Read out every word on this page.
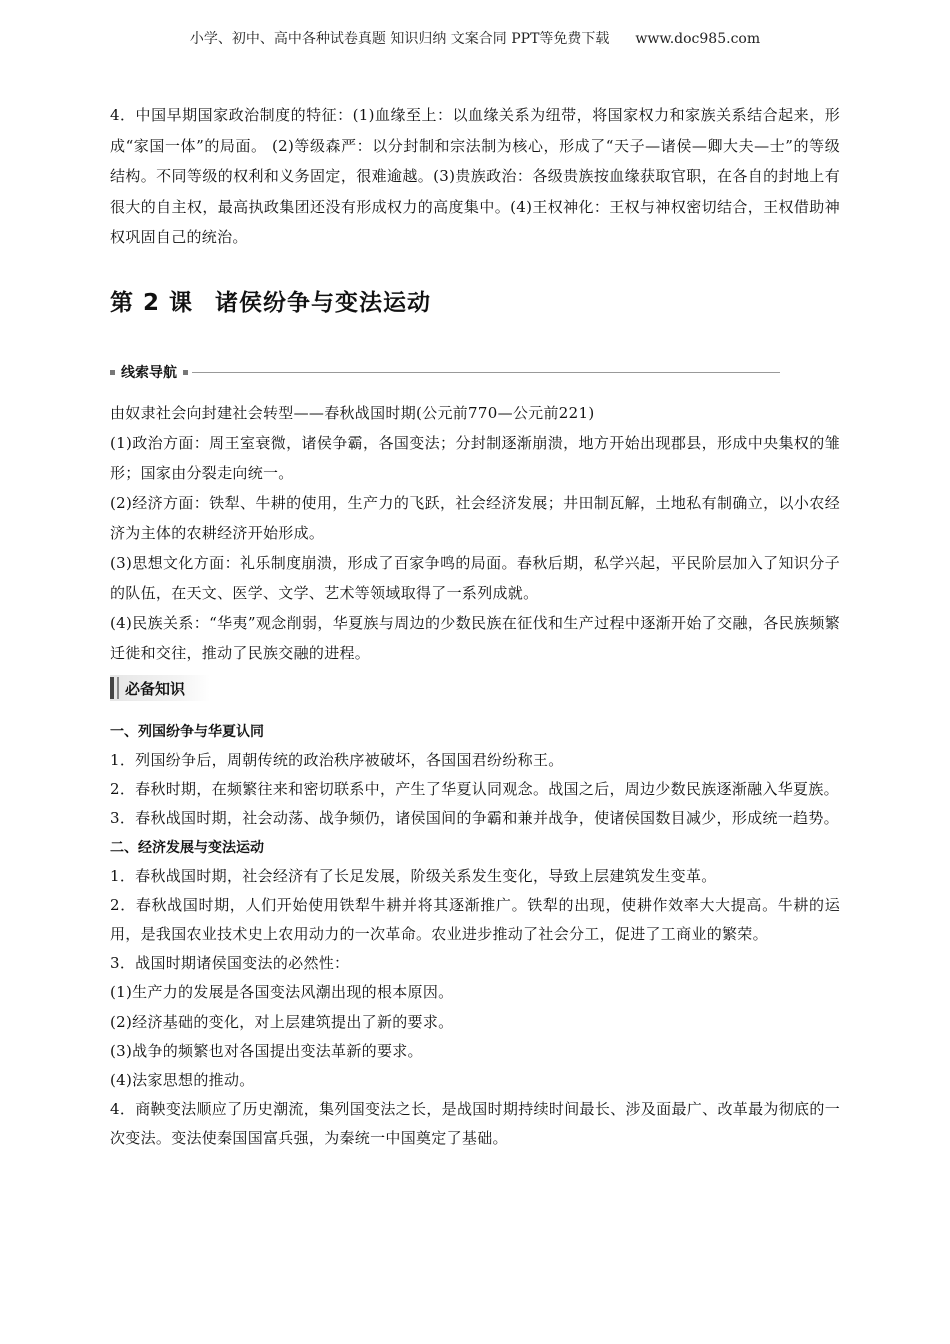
小学、初中、高中各种试卷真题 知识归纳 文案合同 PPT等免费下载 www.doc985.com

4．中国早期国家政治制度的特征：(1)血缘至上：以血缘关系为纽带，将国家权力和家族关系结合起来，形成“家国一体”的局面。 (2)等级森严：以分封制和宗法制为核心，形成了“天子—诸侯—卿大夫—士”的等级结构。不同等级的权利和义务固定，很难逾越。(3)贵族政治：各级贵族按血缘获取官职，在各自的封地上有很大的自主权，最高执政集团还没有形成权力的高度集中。(4)王权神化：王权与神权密切结合，王权借助神权巩固自己的统治。

第 2 课 诸侯纷争与变法运动
线索导航

由奴隶社会向封建社会转型——春秋战国时期(公元前770—公元前221)

(1)政治方面：周王室衰微，诸侯争霸，各国变法；分封制逐渐崩溃，地方开始出现郡县，形成中央集权的雏形；国家由分裂走向统一。

(2)经济方面：铁犁、牛耕的使用，生产力的飞跃，社会经济发展；井田制瓦解，土地私有制确立，以小农经济为主体的农耕经济开始形成。

(3)思想文化方面：礼乐制度崩溃，形成了百家争鸣的局面。春秋后期，私学兴起，平民阶层加入了知识分子的队伍，在天文、医学、文学、艺术等领域取得了一系列成就。

(4)民族关系：“华夷”观念削弱，华夏族与周边的少数民族在征伐和生产过程中逐渐开始了交融，各民族频繁迁徙和交往，推动了民族交融的进程。

必备知识

一、列国纷争与华夏认同

1．列国纷争后，周朝传统的政治秩序被破坏，各国国君纷纷称王。

2．春秋时期，在频繁往来和密切联系中，产生了华夏认同观念。战国之后，周边少数民族逐渐融入华夏族。

3．春秋战国时期，社会动荡、战争频仍，诸侯国间的争霸和兼并战争，使诸侯国数目减少，形成统一趋势。

二、经济发展与变法运动

1．春秋战国时期，社会经济有了长足发展，阶级关系发生变化，导致上层建筑发生变革。

2．春秋战国时期，人们开始使用铁犁牛耕并将其逐渐推广。铁犁的出现，使耕作效率大大提高。牛耕的运用，是我国农业技术史上农用动力的一次革命。农业进步推动了社会分工，促进了工商业的繁荣。

3．战国时期诸侯国变法的必然性：

(1)生产力的发展是各国变法风潮出现的根本原因。

(2)经济基础的变化，对上层建筑提出了新的要求。

(3)战争的频繁也对各国提出变法革新的要求。

(4)法家思想的推动。

4．商鞅变法顺应了历史潮流，集列国变法之长，是战国时期持续时间最长、涉及面最广、改革最为彻底的一次变法。变法使秦国国富兵强，为秦统一中国奠定了基础。
